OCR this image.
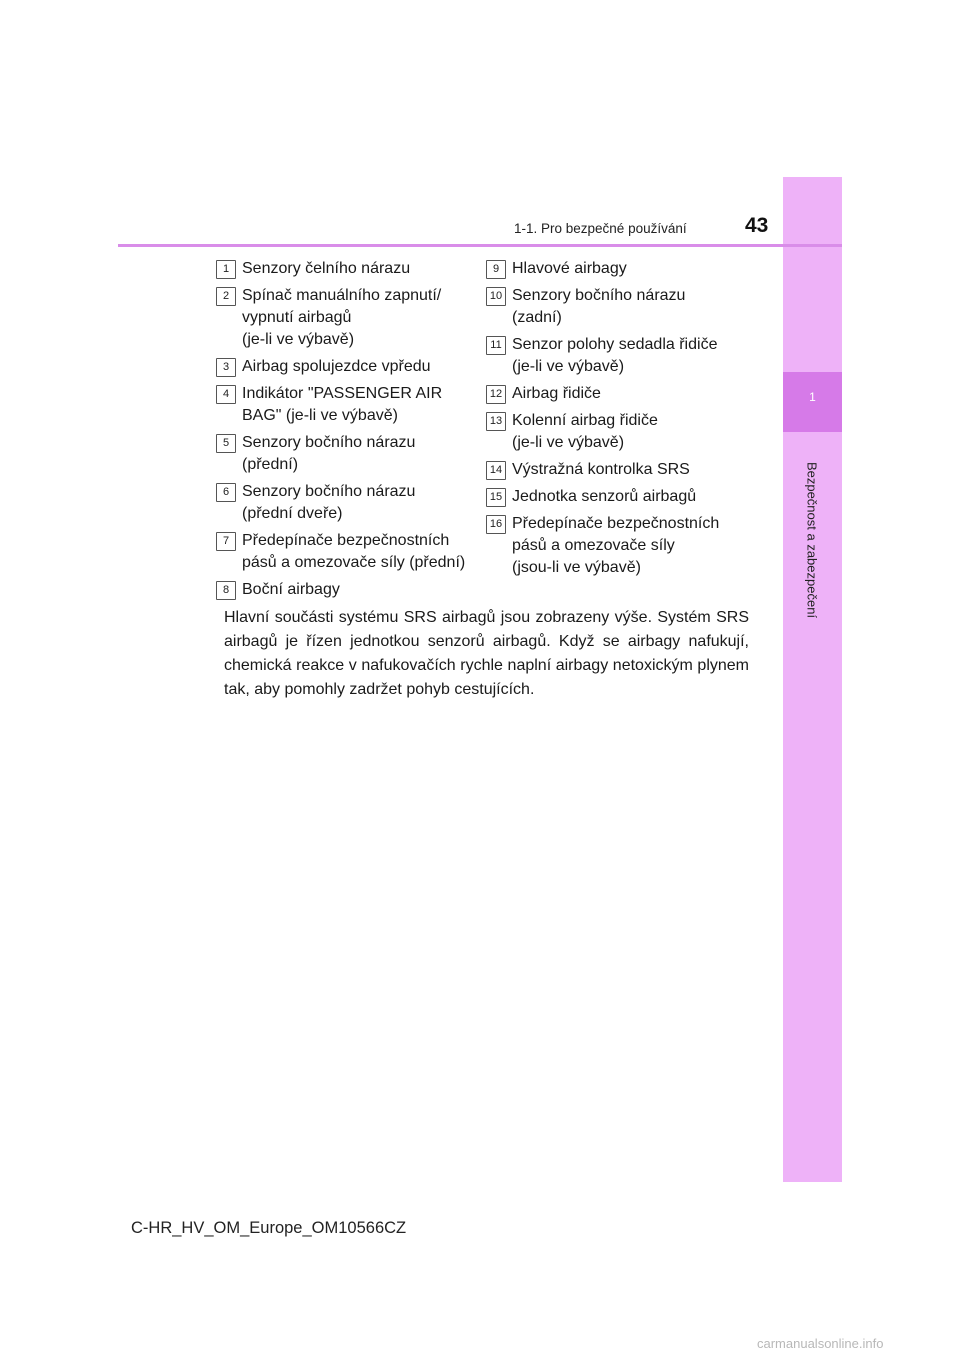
1
Bezpečnost a zabezpečení
1-1. Pro bezpečné používání	43
1 Senzory čelního nárazu
2 Spínač manuálního zapnutí/
vypnutí airbagů
(je-li ve výbavě)
3 Airbag spolujezdce vpředu
4 Indikátor "PASSENGER AIR
BAG" (je-li ve výbavě)
5 Senzory bočního nárazu
(přední)
6 Senzory bočního nárazu
(přední dveře)
7 Předepínače bezpečnostních
pásů a omezovače síly (přední)
8 Boční airbagy
9 Hlavové airbagy
10 Senzory bočního nárazu
(zadní)
11 Senzor polohy sedadla řidiče
(je-li ve výbavě)
12 Airbag řidiče
13 Kolenní airbag řidiče
(je-li ve výbavě)
14 Výstražná kontrolka SRS
15 Jednotka senzorů airbagů
16 Předepínače bezpečnostních
pásů a omezovače síly
(jsou-li ve výbavě)
Hlavní součásti systému SRS airbagů jsou zobrazeny výše. Systém SRS airbagů je řízen jednotkou senzorů airbagů. Když se airbagy nafukují, chemická reakce v nafukovačích rychle naplní airbagy netoxickým plynem tak, aby pomohly zadržet pohyb cestujících.
C-HR_HV_OM_Europe_OM10566CZ
carmanualsonline.info
